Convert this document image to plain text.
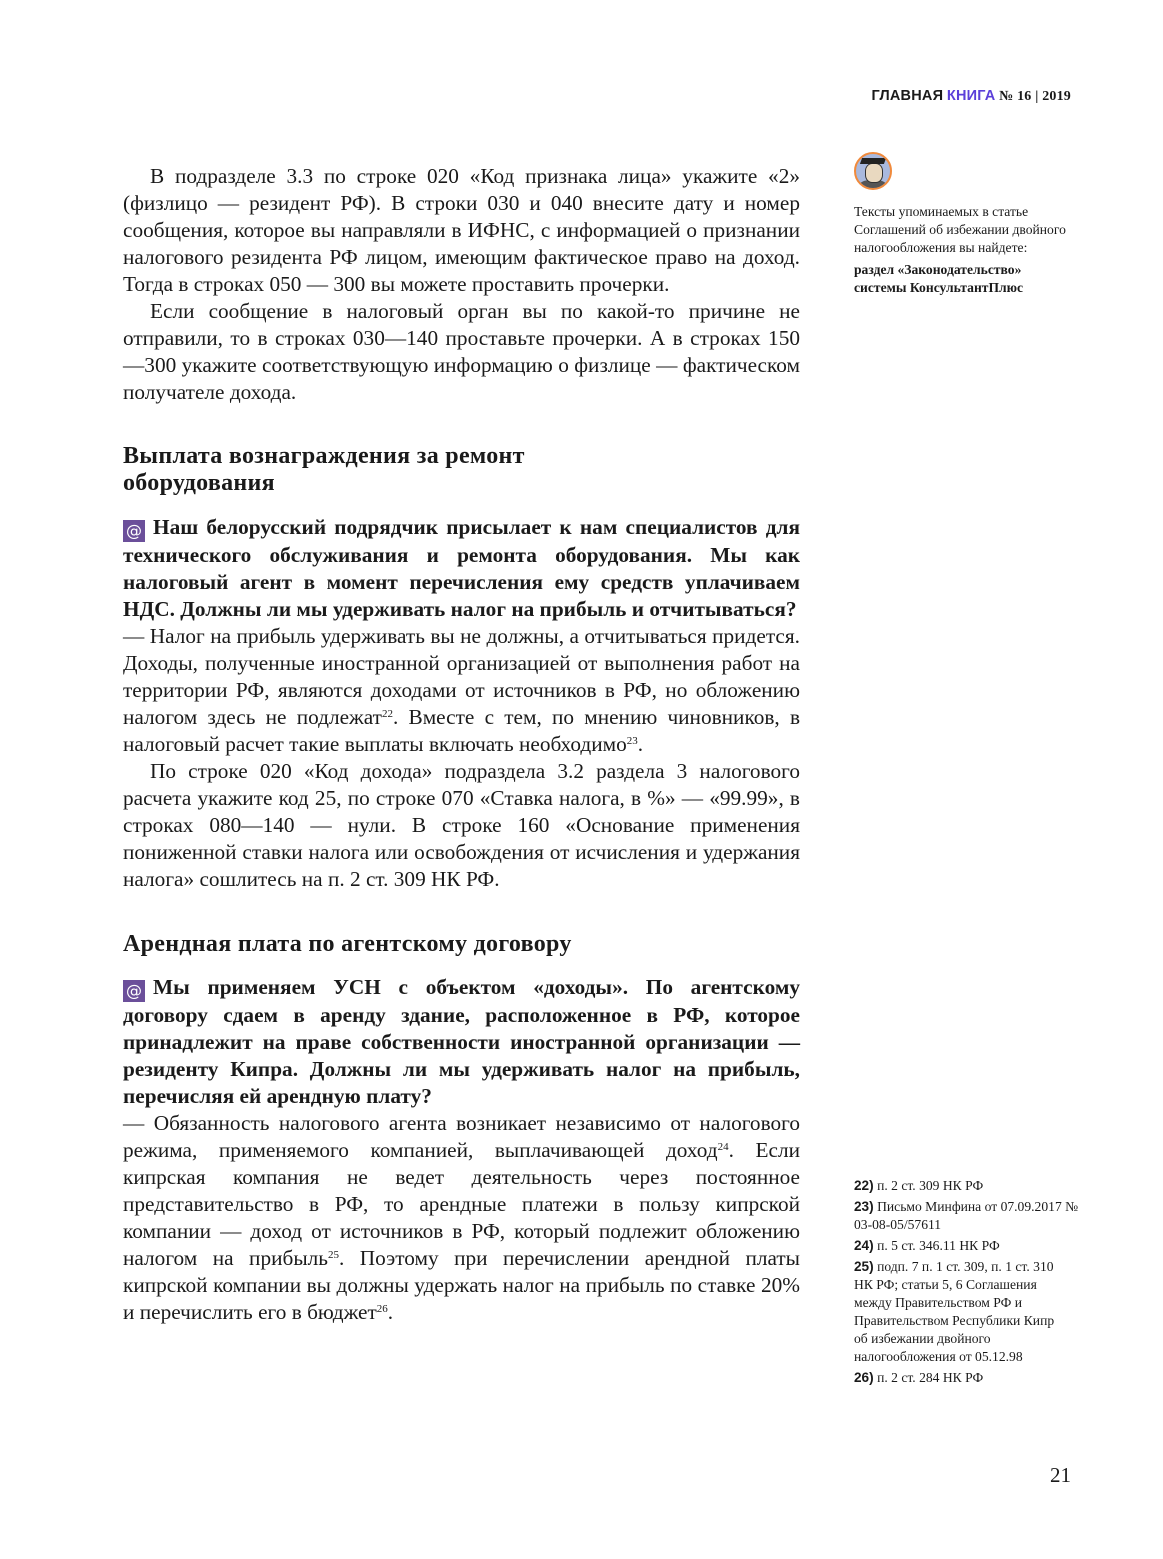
ГЛАВНАЯ КНИГА № 16 | 2019

В подразделе 3.3 по строке 020 «Код признака лица» укажите «2» (физлицо — резидент РФ). В строки 030 и 040 внесите дату и номер сообщения, которое вы направляли в ИФНС, с информацией о признании налогового резидента РФ лицом, имеющим фактическое право на доход. Тогда в строках 050 — 300 вы можете проставить прочерки.

Если сообщение в налоговый орган вы по какой-то причине не отправили, то в строках 030—140 проставьте прочерки. А в строках 150—300 укажите соответствующую информацию о физлице — фактическом получателе дохода.

Выплата вознаграждения за ремонт оборудования

@ Наш белорусский подрядчик присылает к нам специалистов для технического обслуживания и ремонта оборудования. Мы как налоговый агент в момент перечисления ему средств уплачиваем НДС. Должны ли мы удерживать налог на прибыль и отчитываться?

— Налог на прибыль удерживать вы не должны, а отчитываться придется. Доходы, полученные иностранной организацией от выполнения работ на территории РФ, являются доходами от источников в РФ, но обложению налогом здесь не подлежат$^{22}$. Вместе с тем, по мнению чиновников, в налоговый расчет такие выплаты включать необходимо$^{23}$.

По строке 020 «Код дохода» подраздела 3.2 раздела 3 налогового расчета укажите код 25, по строке 070 «Ставка налога, в %» — «99.99», в строках 080—140 — нули. В строке 160 «Основание применения пониженной ставки налога или освобождения от исчисления и удержания налога» сошлитесь на п. 2 ст. 309 НК РФ.

Арендная плата по агентскому договору

@ Мы применяем УСН с объектом «доходы». По агентскому договору сдаем в аренду здание, расположенное в РФ, которое принадлежит на праве собственности иностранной организации — резиденту Кипра. Должны ли мы удерживать налог на прибыль, перечисляя ей арендную плату?

— Обязанность налогового агента возникает независимо от налогового режима, применяемого компанией, выплачивающей доход$^{24}$. Если кипрская компания не ведет деятельность через постоянное представительство в РФ, то арендные платежи в пользу кипрской компании — доход от источников в РФ, который подлежит обложению налогом на прибыль$^{25}$. Поэтому при перечислении арендной платы кипрской компании вы должны удержать налог на прибыль по ставке 20% и перечислить его в бюджет$^{26}$.

Тексты упоминаемых в статье Соглашений об избежании двойного налогообложения вы найдете:
раздел «Законодательство» системы КонсультантПлюс
22) п. 2 ст. 309 НК РФ
23) Письмо Минфина от 07.09.2017 № 03-08-05/57611
24) п. 5 ст. 346.11 НК РФ
25) подп. 7 п. 1 ст. 309, п. 1 ст. 310 НК РФ; статьи 5, 6 Соглашения между Правительством РФ и Правительством Республики Кипр об избежании двойного налогообложения от 05.12.98
26) п. 2 ст. 284 НК РФ
21
